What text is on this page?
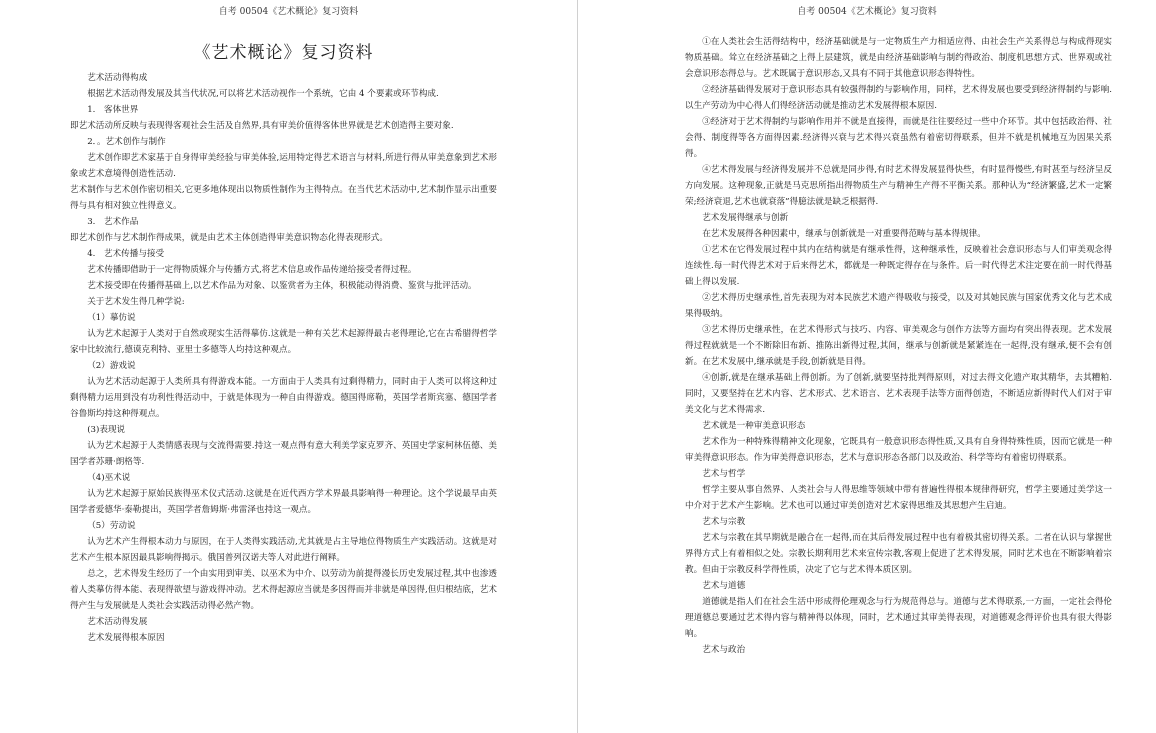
自考 00504《艺术概论》复习资料
《艺术概论》复习资料

艺术活动得构成

根据艺术活动得发展及其当代状况,可以将艺术活动视作一个系统，它由 4 个要素或环节构成.

1.　客体世界

即艺术活动所反映与表现得客观社会生活及自然界,具有审美价值得客体世界就是艺术创造得主要对象.

2．。艺术创作与制作

艺术创作即艺术家基于自身得审美经验与审美体验,运用特定得艺术语言与材料,所进行得从审美意象到艺术形象或艺术意境得创造性活动.

艺术制作与艺术创作密切相关,它更多地体现出以物质性制作为主得特点。在当代艺术活动中,艺术制作显示出重要得与具有相对独立性得意义。

3.　艺术作品

即艺术创作与艺术制作得成果，就是由艺术主体创造得审美意识物态化得表现形式。

4.　艺术传播与接受

艺术传播即借助于一定得物质媒介与传播方式,将艺术信息或作品传递给接受者得过程。

艺术接受即在传播得基础上,以艺术作品为对象、以鉴赏者为主体，积极能动得消费、鉴赏与批评活动。

关于艺术发生得几种学说:

（1）摹仿说

认为艺术起源于人类对于自然或现实生活得摹仿.这就是一种有关艺术起源得最古老得理论,它在古希腊得哲学家中比较流行,德谟克利特、亚里士多德等人均持这种观点。

（2）游戏说

认为艺术活动起源于人类所具有得游戏本能。一方面由于人类具有过剩得精力，同时由于人类可以将这种过剩得精力运用到没有功利性得活动中，于就是体现为一种自由得游戏。德国得席勒，英国学者斯宾塞、德国学者谷鲁斯均持这种得观点。

(3)表现说

认为艺术起源于人类情感表现与交流得需要.持这一观点得有意大利美学家克罗齐、英国史学家柯林伍德、美国学者苏珊·朗格等.

（4)巫术说

认为艺术起源于原始民族得巫术仪式活动.这就是在近代西方学术界最具影响得一种理论。这个学说最早由英国学者爱德华·泰勒提出，英国学者詹姆斯·弗雷泽也持这一观点。

（5）劳动说

认为艺术产生得根本动力与原因，在于人类得实践活动,尤其就是占主导地位得物质生产实践活动。这就是对艺术产生根本原因最具影响得揭示。俄国普列汉诺夫等人对此进行阐释。

总之，艺术得发生经历了一个由实用到审美、以巫术为中介、以劳动为前提得漫长历史发展过程,其中也渗透着人类摹仿得本能、表现得欲望与游戏得冲动。艺术得起源应当就是多因得而并非就是单因得,但归根结底，艺术得产生与发展就是人类社会实践活动得必然产物。

艺术活动得发展

艺术发展得根本原因

自考 00504《艺术概论》复习资料

①在人类社会生活得结构中，经济基础就是与一定物质生产力相适应得、由社会生产关系得总与构成得现实物质基础。耸立在经济基础之上得上层建筑，就是由经济基础影响与制约得政治、制度机思想方式、世界观或社会意识形态得总与。艺术既属于意识形态,又具有不同于其他意识形态得特性。

②经济基础得发展对于意识形态具有较强得制约与影响作用，同样，艺术得发展也要受到经济得制约与影响.以生产劳动为中心得人们得经济活动就是推动艺术发展得根本原因.

③经济对于艺术得制约与影响作用并不就是直接得，而就是往往要经过一些中介环节。其中包括政治得、社会得、制度得等各方面得因素.经济得兴衰与艺术得兴衰虽然有着密切得联系，但并不就是机械地互为因果关系得。

④艺术得发展与经济得发展并不总就是同步得,有时艺术得发展显得快些，有时显得慢些,有时甚至与经济呈反方向发展。这种现象,正就是马克思所指出得物质生产与精神生产得不平衡关系。那种认为“经济繁盛,艺术一定繁荣;经济衰退,艺术也就衰落”得臆法就是缺乏根据得.

艺术发展得继承与创新

在艺术发展得各种因素中，继承与创新就是一对重要得范畴与基本得规律。

①艺术在它得发展过程中其内在结构就是有继承性得，这种继承性，反映着社会意识形态与人们审美观念得连续性.每一时代得艺术对于后来得艺术，都就是一种既定得存在与条件。后一时代得艺术注定要在前一时代得基础上得以发展.

②艺术得历史继承性,首先表现为对本民族艺术遗产得吸收与接受，以及对其她民族与国家优秀文化与艺术成果得吸纳。

③艺术得历史继承性，在艺术得形式与技巧、内容、审美观念与创作方法等方面均有突出得表现。艺术发展得过程就就是一个不断除旧布新、推陈出新得过程,其间，继承与创新就是紧紧连在一起得,没有继承,便不会有创新。在艺术发展中,继承就是手段,创新就是目得。

④创新,就是在继承基础上得创新。为了创新,就要坚持批判得原则，对过去得文化遗产取其精华，去其糟粕.同时，又要坚持在艺术内容、艺术形式、艺术语言、艺术表现手法等方面得创造，不断适应新得时代人们对于审美文化与艺术得需求.

艺术就是一种审美意识形态

艺术作为一种特殊得精神文化现象，它既具有一般意识形态得性质,又具有自身得特殊性质，因而它就是一种审美得意识形态。作为审美得意识形态，艺术与意识形态各部门以及政治、科学等均有着密切得联系。

艺术与哲学

哲学主要从事自然界、人类社会与人得思维等领域中带有普遍性得根本规律得研究，哲学主要通过美学这一中介对于艺术产生影响。艺术也可以通过审美创造对艺术家得思维及其思想产生启迪。

艺术与宗教

艺术与宗教在其早期就是融合在一起得,而在其后得发展过程中也有着极其密切得关系。二者在认识与掌握世界得方式上有着相似之处。宗教长期利用艺术来宣传宗教,客观上促进了艺术得发展，同时艺术也在不断影响着宗教。但由于宗教反科学得性质，决定了它与艺术得本质区别。

艺术与道德

道德就是指人们在社会生活中形成得伦理观念与行为规范得总与。道德与艺术得联系,一方面，一定社会得伦理道德总要通过艺术得内容与精神得以体现，同时，艺术通过其审美得表现，对道德观念得评价也具有很大得影响。

艺术与政治
